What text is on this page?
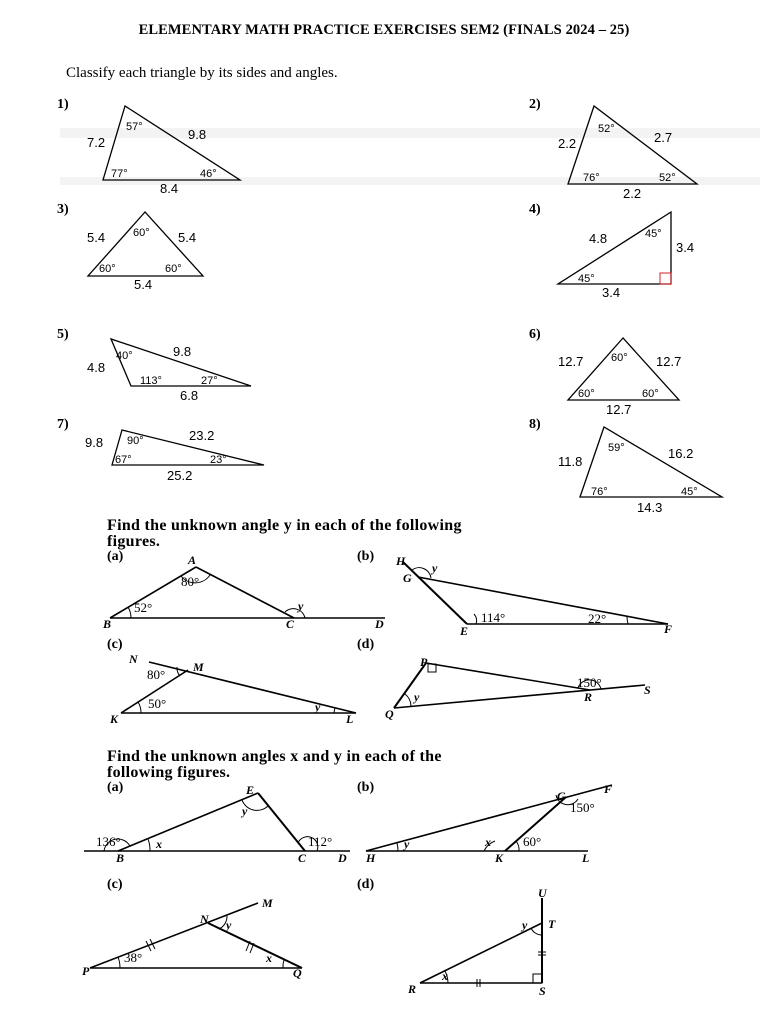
ELEMENTARY MATH PRACTICE EXERCISES SEM2 (FINALS 2024 – 25)
Classify each triangle by its sides and angles.
Find the unknown angle y in each of the following
figures.
Find the unknown angles x and y in each of the
following figures.
1)
7.2
9.8
8.4
57°
77°	46°
2)
2.2	2.7
2.2
52°
76°	52°
3)
5.4	5.4
5.4
60°
60°	60°
4)
4.8
3.4
3.4
45°
45°
5)
4.8
9.8
6.8
40°
113°	27°
6)
12.7	12.7
12.7
60°
60°	60°
7)
9.8	23.2
25.2
90°
67°	23°
8)
11.8
16.2
14.3
59°
76°	45°
(a)	A
B	C	D
80°
52°	y
(b) H
G
E	F
y
114°	22°
(c)
N
M
K	L
80°
50°	y
(d)
P
Q
R	S
150°
y
(a)	E
B	C	D
136°	x
y
112°
(b)
G	F
H	K	L
150°
y	x 60°
(c)
M
N
P	Q
y
38°	x
(d)
U
T
R	S
y
x
